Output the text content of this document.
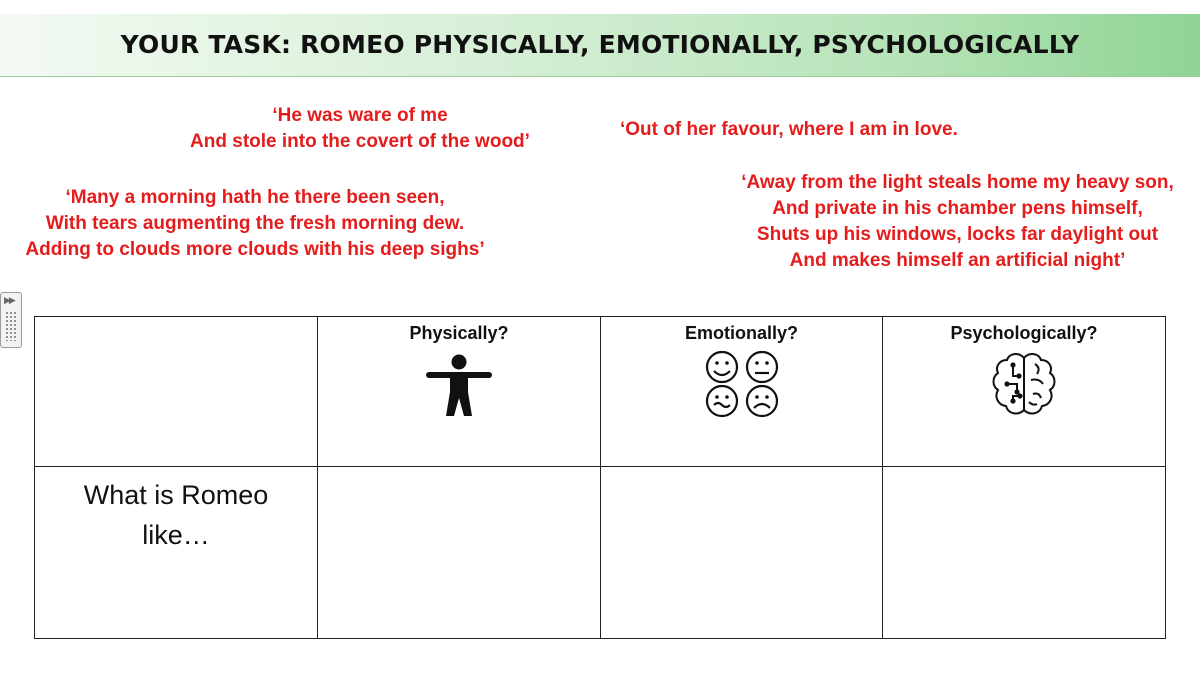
YOUR TASK: ROMEO PHYSICALLY, EMOTIONALLY, PSYCHOLOGICALLY
‘He was ware of me
And stole into the covert of the wood’
‘Out of her favour, where I am in love.
‘Many a morning hath he there been seen,
With tears augmenting the fresh morning dew.
Adding to clouds more clouds with his deep sighs’
‘Away from the light steals home my heavy son,
And private in his chamber pens himself,
Shuts up his windows, locks far daylight out
And makes himself an artificial night’
▶▶

	Physically?	Emotionally?	Psychologically?

What is Romeo
like…			
